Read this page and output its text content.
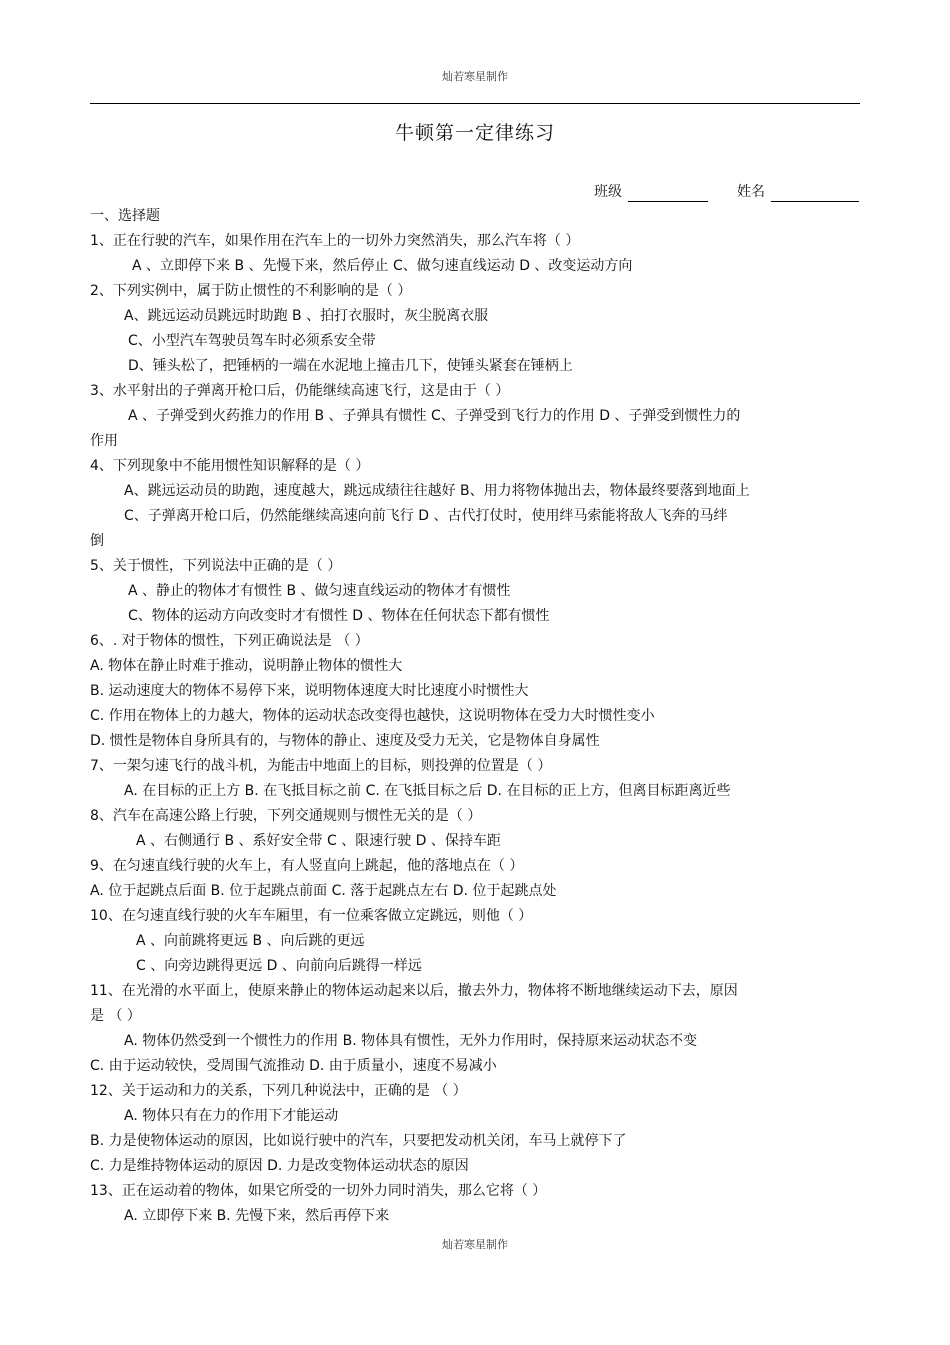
灿若寒星制作
牛顿第一定律练习
班级	姓名
一、选择题
1、正在行驶的汽车，如果作用在汽车上的一切外力突然消失，那么汽车将（ ）
A 、立即停下来 B 、先慢下来，然后停止 C、做匀速直线运动 D 、改变运动方向
2、下列实例中，属于防止惯性的不利影响的是（ ）
A、跳远运动员跳远时助跑 B 、拍打衣服时，灰尘脱离衣服
C、小型汽车驾驶员驾车时必须系安全带
D、锤头松了，把锤柄的一端在水泥地上撞击几下，使锤头紧套在锤柄上
3、水平射出的子弹离开枪口后，仍能继续高速飞行，这是由于（ ）
A 、子弹受到火药推力的作用 B 、子弹具有惯性 C、子弹受到飞行力的作用 D 、子弹受到惯性力的
作用
4、下列现象中不能用惯性知识解释的是（ ）
A、跳远运动员的助跑，速度越大，跳远成绩往往越好 B、用力将物体抛出去，物体最终要落到地面上
C、子弹离开枪口后，仍然能继续高速向前飞行 D 、古代打仗时，使用绊马索能将敌人飞奔的马绊
倒
5、关于惯性，下列说法中正确的是（ ）
A 、静止的物体才有惯性 B 、做匀速直线运动的物体才有惯性
C、物体的运动方向改变时才有惯性 D 、物体在任何状态下都有惯性
6、. 对于物体的惯性，下列正确说法是 （ ）
A. 物体在静止时难于推动，说明静止物体的惯性大
B. 运动速度大的物体不易停下来，说明物体速度大时比速度小时惯性大
C. 作用在物体上的力越大，物体的运动状态改变得也越快，这说明物体在受力大时惯性变小
D. 惯性是物体自身所具有的，与物体的静止、速度及受力无关，它是物体自身属性
7、一架匀速飞行的战斗机，为能击中地面上的目标，则投弹的位置是（ ）
A. 在目标的正上方 B. 在飞抵目标之前 C. 在飞抵目标之后 D. 在目标的正上方，但离目标距离近些
8、汽车在高速公路上行驶，下列交通规则与惯性无关的是（ ）
A 、右侧通行 B 、系好安全带 C 、限速行驶 D 、保持车距
9、在匀速直线行驶的火车上，有人竖直向上跳起，他的落地点在（ ）
A. 位于起跳点后面 B. 位于起跳点前面 C. 落于起跳点左右 D. 位于起跳点处
10、在匀速直线行驶的火车车厢里，有一位乘客做立定跳远，则他（ ）
A 、向前跳将更远 B 、向后跳的更远
C 、向旁边跳得更远 D 、向前向后跳得一样远
11、在光滑的水平面上，使原来静止的物体运动起来以后，撤去外力，物体将不断地继续运动下去，原因
是 （ ）
A. 物体仍然受到一个惯性力的作用 B. 物体具有惯性，无外力作用时，保持原来运动状态不变
C. 由于运动较快，受周围气流推动 D. 由于质量小，速度不易减小
12、关于运动和力的关系，下列几种说法中，正确的是 （ ）
A. 物体只有在力的作用下才能运动
B. 力是使物体运动的原因，比如说行驶中的汽车，只要把发动机关闭，车马上就停下了
C. 力是维持物体运动的原因 D. 力是改变物体运动状态的原因
13、正在运动着的物体，如果它所受的一切外力同时消失，那么它将（ ）
A. 立即停下来 B. 先慢下来，然后再停下来
灿若寒星制作
